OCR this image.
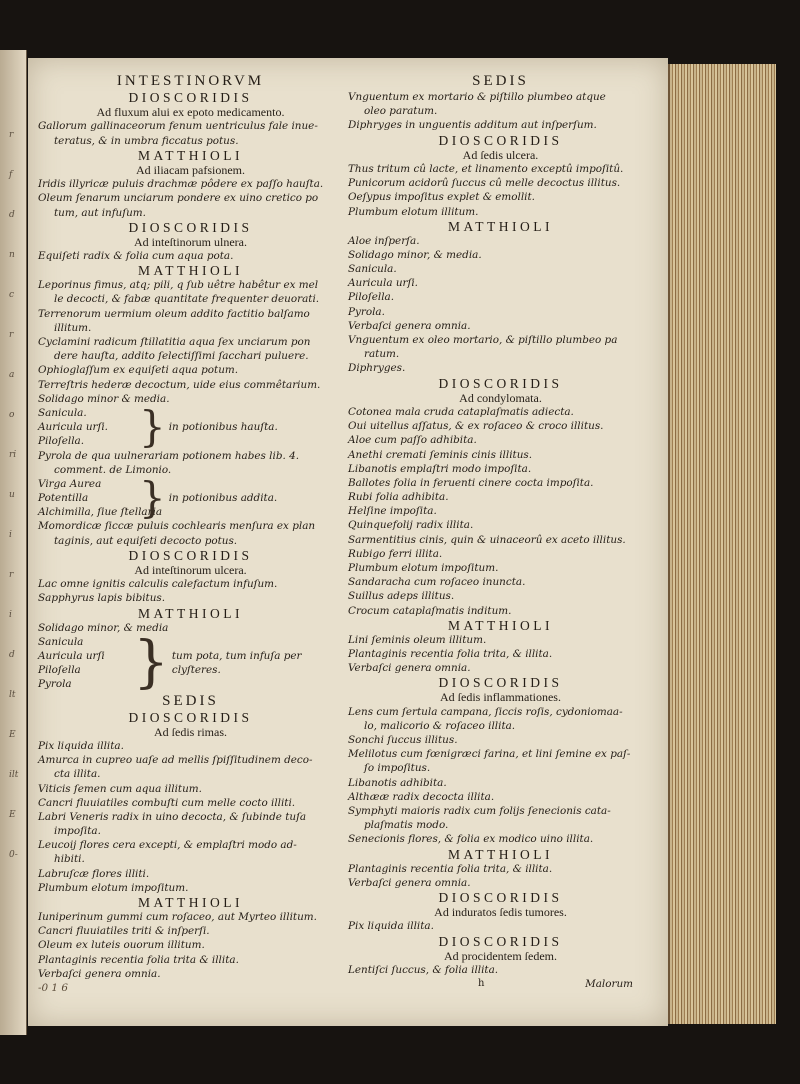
r
f
d
n
c
r
a
o
ri
u
i
r
i
d
lt
E
ilt
E
0-
INTESTINORVM
DIOSCORIDIS
Ad fluxum alui ex epoto medicamento.
Gallorum gallinaceorum fenum uentriculus fale inue-
teratus, & in umbra ficcatus potus.
MATTHIOLI
Ad iliacam pafsionem.
Iridis illyricæ puluis drachmæ pôdere ex paſſo hauſta.
Oleum ſenarum unciarum pondere ex uino cretico po
tum, aut infuſum.
DIOSCORIDIS
Ad inteſtinorum ulnera.
Equiſeti radix & folia cum aqua pota.
MATTHIOLI
Leporinus fimus, atq; pili, q ſub uêtre habêtur ex mel
le decocti, & fabæ quantitate frequenter deuorati.
Terrenorum uermium oleum addito factitio balſamo
illitum.
Cyclamini radicum ſtillatitia aqua ſex unciarum pon
dere hauſta, addito ſelectiſſimi ſacchari puluere.
Ophioglaſſum ex equiſeti aqua potum.
Terreſtris hederæ decoctum, uide eius commêtarium.
Solidago minor & media.
Sanicula.
Auricula urſi.
Piloſella.	} in potionibus hauſta.
Pyrola de qua uulnerariam potionem habes lib. 4.
comment. de Limonio.
Virga Aurea
Potentilla
Alchimilla, ſiue ſtellaria
} in potionibus addita.
Momordicæ ſiccæ puluis cochlearis menſura ex plan
taginis, aut equiſeti decocto potus.
DIOSCORIDIS
Ad inteſtinorum ulcera.
Lac omne ignitis calculis calefactum infuſum.
Sapphyrus lapis bibitus.
MATTHIOLI
Solidago minor, & media
Sanicula
Auricula urſi
Piloſella
Pyrola	} tum pota, tum infuſa per clyſteres.
SEDIS
DIOSCORIDIS
Ad ſedis rimas.
Pix liquida illita.
Amurca in cupreo uaſe ad mellis ſpiſſitudinem deco-
cta illita.
Viticis ſemen cum aqua illitum.
Cancri fluuiatiles combuſti cum melle cocto illiti.
Labri Veneris radix in uino decocta, & ſubinde tuſa
impoſita.
Leucoij flores cera excepti, & emplaſtri modo ad-
hibiti.
Labruſcæ flores illiti.
Plumbum elotum impoſitum.
MATTHIOLI
Iuniperinum gummi cum roſaceo, aut Myrteo illitum.
Cancri fluuiatiles triti & inſperſi.
Oleum ex luteis ouorum illitum.
Plantaginis recentia folia trita & illita.
Verbaſci genera omnia.
-0 1 6
SEDIS
Vnguentum ex mortario & piſtillo plumbeo atque
oleo paratum.
Diphryges in unguentis additum aut inſperſum.
DIOSCORIDIS
Ad ſedis ulcera.
Thus tritum cû lacte, et linamento exceptû impoſitû.
Punicorum acidorû ſuccus cû melle decoctus illitus.
Oeſypus impoſitus explet & emollit.
Plumbum elotum illitum.
MATTHIOLI
Aloe inſperſa.
Solidago minor, & media.
Sanicula.
Auricula urſi.
Piloſella.
Pyrola.
Verbaſci genera omnia.
Vnguentum ex oleo mortario, & piſtillo plumbeo pa
ratum.
Diphryges.
DIOSCORIDIS
Ad condylomata.
Cotonea mala cruda cataplaſmatis adiecta.
Oui uitellus aſſatus, & ex roſaceo & croco illitus.
Aloe cum paſſo adhibita.
Anethi cremati ſeminis cinis illitus.
Libanotis emplaſtri modo impoſita.
Ballotes folia in feruenti cinere cocta impoſita.
Rubi folia adhibita.
Helſine impoſita.
Quinquefolij radix illita.
Sarmentitius cinis, quin & uinaceorû ex aceto illitus.
Rubigo ferri illita.
Plumbum elotum impoſitum.
Sandaracha cum roſaceo inuncta.
Suillus adeps illitus.
Crocum cataplaſmatis inditum.
MATTHIOLI
Lini ſeminis oleum illitum.
Plantaginis recentia folia trita, & illita.
Verbaſci genera omnia.
DIOSCORIDIS
Ad ſedis inflammationes.
Lens cum ſertula campana, ſiccis roſis, cydoniomaa-
lo, malicorio & roſaceo illita.
Sonchi ſuccus illitus.
Melilotus cum fœnigræci farina, et lini ſemine ex paſ-
ſo impoſitus.
Libanotis adhibita.
Althææ radix decocta illita.
Symphyti maioris radix cum folijs ſenecionis cata-
plaſmatis modo.
Senecionis flores, & folia ex modico uino illita.
MATTHIOLI
Plantaginis recentia folia trita, & illita.
Verbaſci genera omnia.
DIOSCORIDIS
Ad induratos ſedis tumores.
Pix liquida illita.
DIOSCORIDIS
Ad procidentem ſedem.
Lentiſci ſuccus, & folia illita.
h	Malorum
